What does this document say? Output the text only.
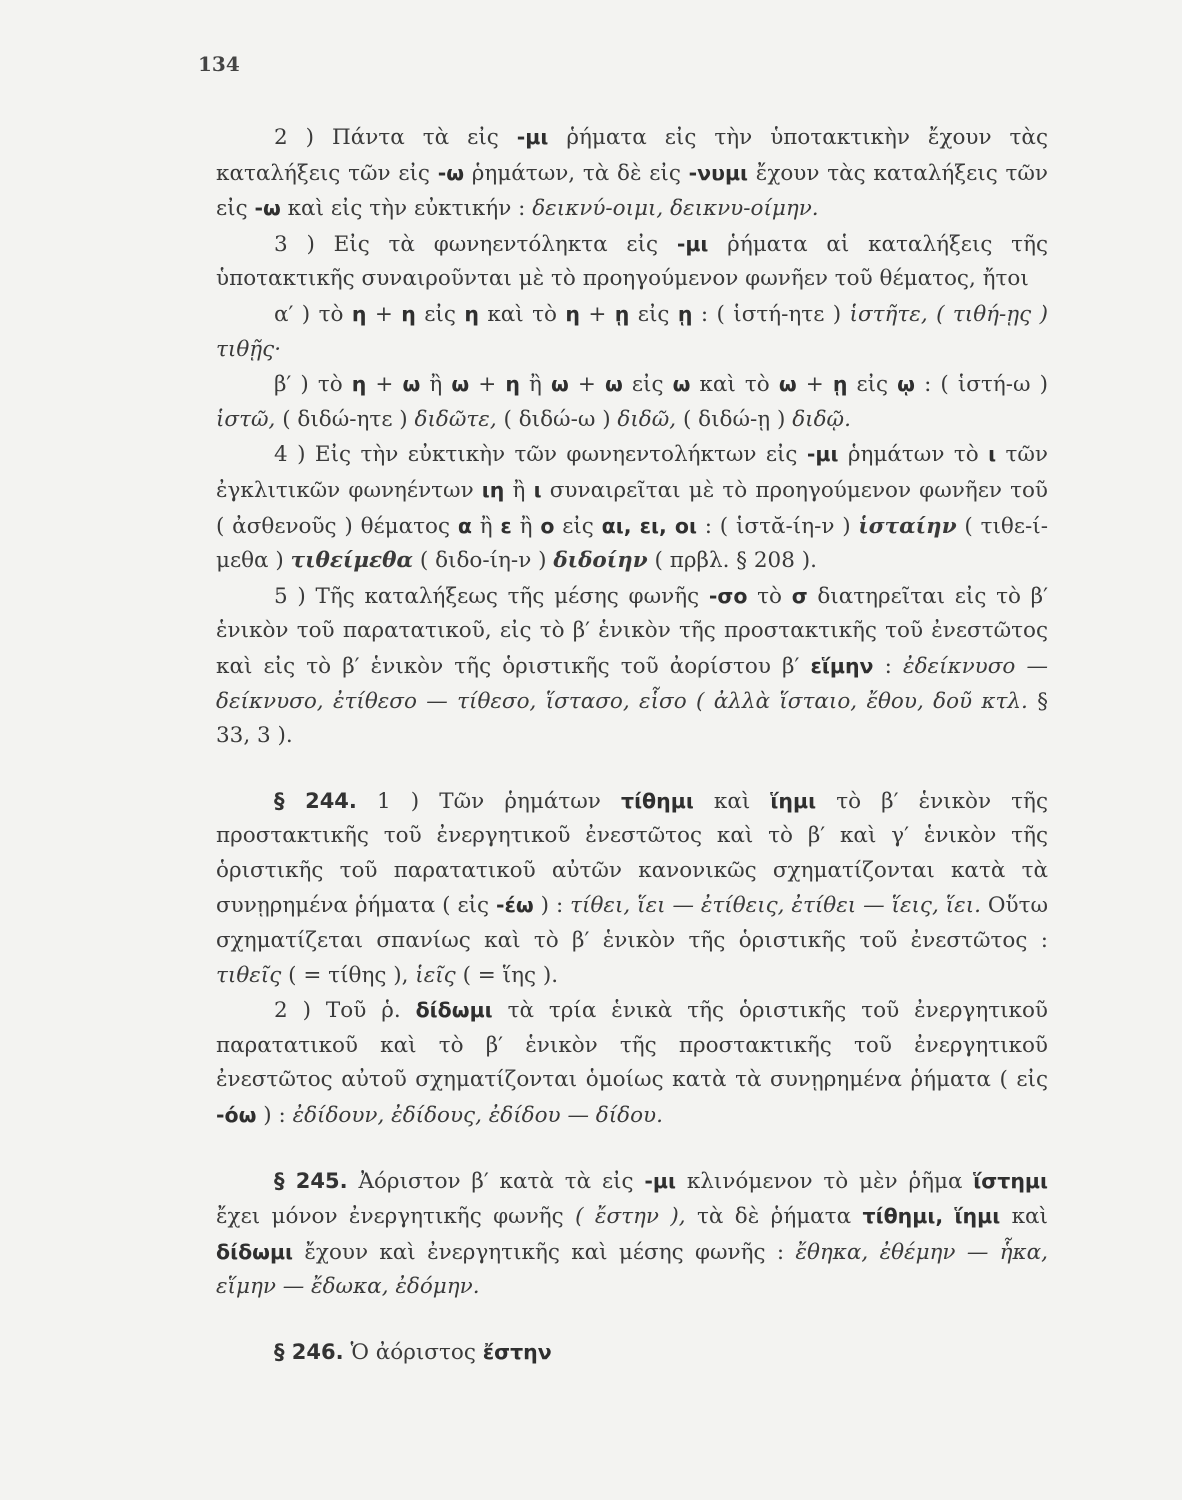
134

2 ) Πάντα τὰ εἰς -μι ῥήματα εἰς τὴν ὑποτακτικὴν ἔχουν τὰς καταλήξεις τῶν εἰς -ω ῥημάτων, τὰ δὲ εἰς -νυμι ἔχουν τὰς καταλήξεις τῶν εἰς -ω καὶ εἰς τὴν εὐκτικήν : δεικνύ-οιμι, δεικνυ-οίμην.

3 ) Εἰς τὰ φωνηεντόληκτα εἰς -μι ῥήματα αἱ καταλήξεις τῆς ὑποτακτικῆς συναιροῦνται μὲ τὸ προηγούμενον φωνῆεν τοῦ θέματος, ἤτοι

α′ ) τὸ η + η εἰς η καὶ τὸ η + ῃ εἰς ῃ : ( ἱστή-ητε ) ἱστῆτε, ( τιθή-ῃς ) τιθῇς·

β′ ) τὸ η + ω ἢ ω + η ἢ ω + ω εἰς ω καὶ τὸ ω + ῃ εἰς ῳ : ( ἱστή-ω ) ἱστῶ, ( διδώ-ητε ) διδῶτε, ( διδώ-ω ) διδῶ, ( διδώ-ῃ ) διδῷ.

4 ) Εἰς τὴν εὐκτικὴν τῶν φωνηεντολήκτων εἰς -μι ῥημάτων τὸ ι τῶν ἐγκλιτικῶν φωνηέντων ιη ἢ ι συναιρεῖται μὲ τὸ προηγούμενον φωνῆεν τοῦ ( ἀσθενοῦς ) θέματος α ἢ ε ἢ ο εἰς αι, ει, οι : ( ἱστᾰ-ίη-ν ) ἱσταίην ( τιθε-ί-μεθα ) τιθείμεθα ( διδο-ίη-ν ) διδοίην ( πρβλ. § 208 ).

5 ) Τῆς καταλήξεως τῆς μέσης φωνῆς -σο τὸ σ διατηρεῖται εἰς τὸ β′ ἑνικὸν τοῦ παρατατικοῦ, εἰς τὸ β′ ἑνικὸν τῆς προστακτικῆς τοῦ ἐνεστῶτος καὶ εἰς τὸ β′ ἑνικὸν τῆς ὁριστικῆς τοῦ ἀορίστου β′ εἵμην : ἐδείκνυσο — δείκνυσο, ἐτίθεσο — τίθεσο, ἵστασο, εἷσο ( ἀλλὰ ἵσταιο, ἔθου, δοῦ κτλ. § 33, 3 ).

§ 244. 1 ) Τῶν ῥημάτων τίθημι καὶ ἵημι τὸ β′ ἑνικὸν τῆς προστακτικῆς τοῦ ἐνεργητικοῦ ἐνεστῶτος καὶ τὸ β′ καὶ γ′ ἑνικὸν τῆς ὁριστικῆς τοῦ παρατατικοῦ αὐτῶν κανονικῶς σχηματίζονται κατὰ τὰ συνῃρημένα ῥήματα ( εἰς -έω ) : τίθει, ἵει — ἐτίθεις, ἐτίθει — ἵεις, ἵει. Οὕτω σχηματίζεται σπανίως καὶ τὸ β′ ἑνικὸν τῆς ὁριστικῆς τοῦ ἐνεστῶτος : τιθεῖς ( = τίθης ), ἱεῖς ( = ἵης ).

2 ) Τοῦ ῥ. δίδωμι τὰ τρία ἑνικὰ τῆς ὁριστικῆς τοῦ ἐνεργητικοῦ παρατατικοῦ καὶ τὸ β′ ἑνικὸν τῆς προστακτικῆς τοῦ ἐνεργητικοῦ ἐνεστῶτος αὐτοῦ σχηματίζονται ὁμοίως κατὰ τὰ συνῃρημένα ῥήματα ( εἰς -όω ) : ἐδίδουν, ἐδίδους, ἐδίδου — δίδου.

§ 245. Ἀόριστον β′ κατὰ τὰ εἰς -μι κλινόμενον τὸ μὲν ῥῆμα ἵστημι ἔχει μόνον ἐνεργητικῆς φωνῆς ( ἔστην ), τὰ δὲ ῥήματα τίθημι, ἵημι καὶ δίδωμι ἔχουν καὶ ἐνεργητικῆς καὶ μέσης φωνῆς : ἔθηκα, ἐθέμην — ἧκα, εἵμην — ἔδωκα, ἐδόμην.

§ 246. Ὁ ἀόριστος ἔστην
